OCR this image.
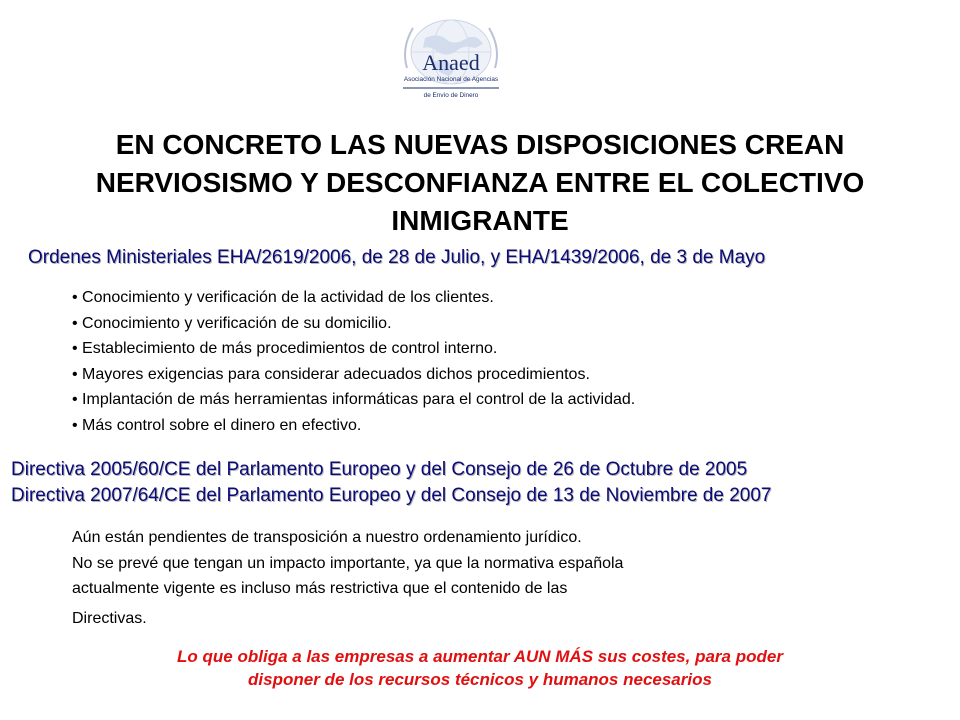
Anaed
Asociación Nacional de Agencias
de Envío de Dinero
EN CONCRETO LAS NUEVAS DISPOSICIONES CREAN
NERVIOSISMO Y DESCONFIANZA ENTRE EL COLECTIVO
INMIGRANTE
Ordenes Ministeriales EHA/2619/2006, de 28 de Julio, y EHA/1439/2006, de 3 de Mayo
• Conocimiento y verificación de la actividad de los clientes.
• Conocimiento y verificación de su domicilio.
• Establecimiento de más procedimientos de control interno.
• Mayores exigencias para considerar adecuados dichos procedimientos.
• Implantación de más herramientas informáticas para el control de la actividad.
• Más control sobre el dinero en efectivo.
Directiva 2005/60/CE del Parlamento Europeo y del Consejo de 26 de Octubre de 2005
Directiva 2007/64/CE del Parlamento Europeo y del Consejo de 13 de Noviembre de 2007
Aún están pendientes de transposición a nuestro ordenamiento jurídico.
No se prevé que tengan un impacto importante, ya que la normativa española
actualmente vigente es incluso más restrictiva que el contenido de las
Directivas.
Lo que obliga a las empresas a aumentar AUN MÁS sus costes, para poder
disponer de los recursos técnicos y humanos necesarios
